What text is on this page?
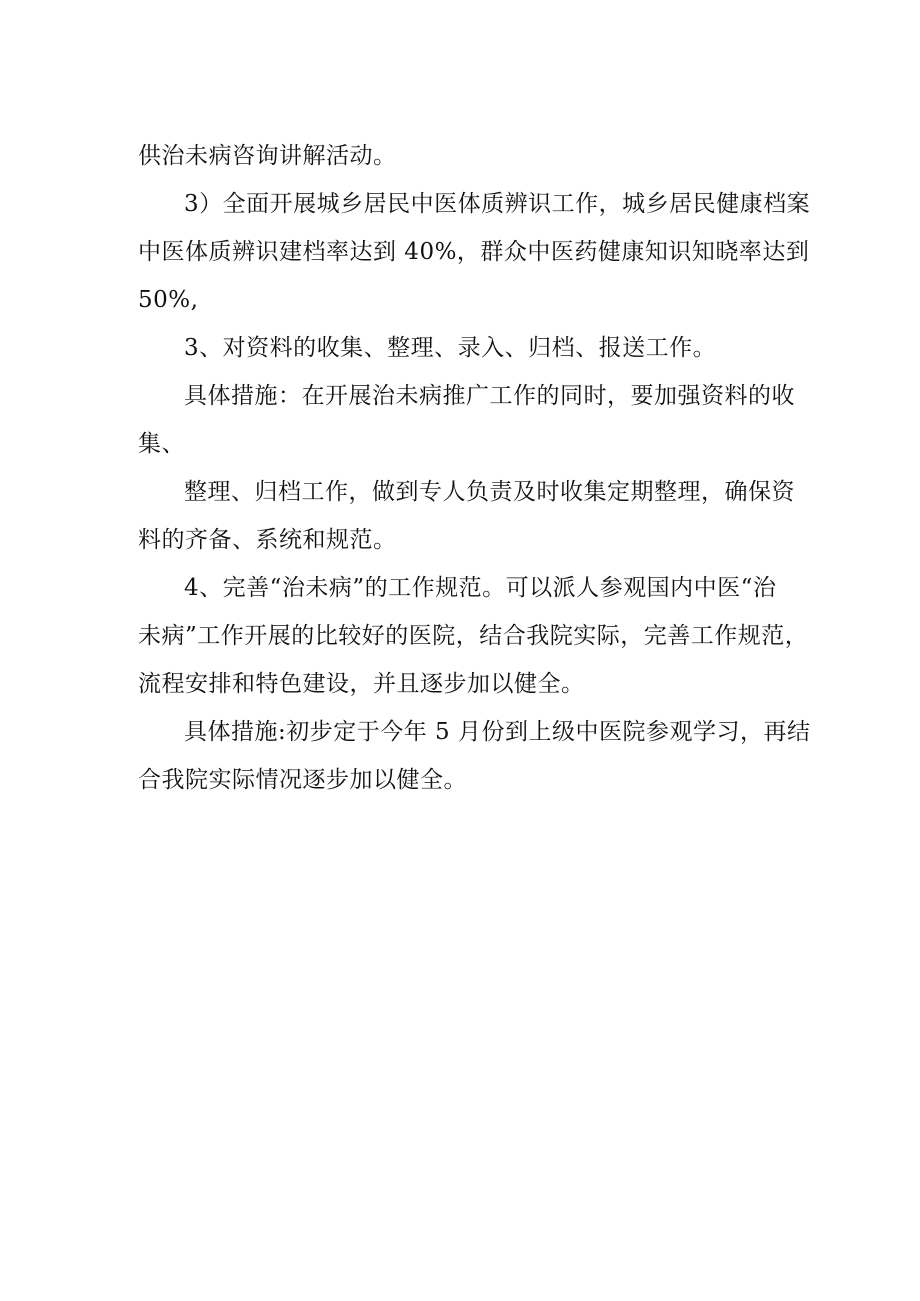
供治未病咨询讲解活动。
3）全面开展城乡居民中医体质辨识工作，城乡居民健康档案
中医体质辨识建档率达到 40%，群众中医药健康知识知晓率达到
50%,
3、对资料的收集、整理、录入、归档、报送工作。
具体措施：在开展治未病推广工作的同时，要加强资料的收
集、
整理、归档工作，做到专人负责及时收集定期整理，确保资
料的齐备、系统和规范。
4、完善“治未病”的工作规范。可以派人参观国内中医“治
未病”工作开展的比较好的医院，结合我院实际，完善工作规范，
流程安排和特色建设，并且逐步加以健全。
具体措施:初步定于今年 5 月份到上级中医院参观学习，再结
合我院实际情况逐步加以健全。
